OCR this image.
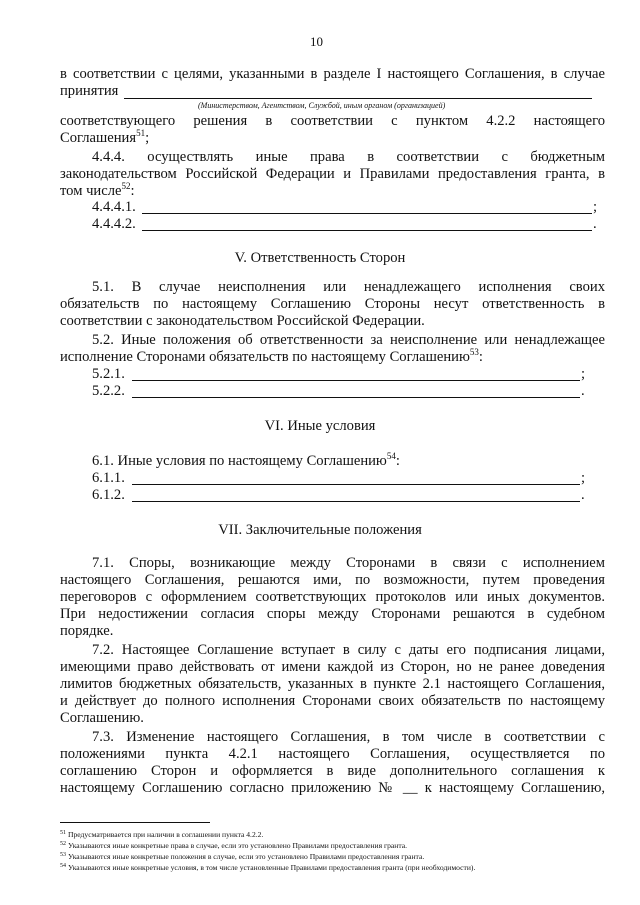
10
в соответствии с целями, указанными в разделе I настоящего Соглашения, в случае
принятия
(Министерством, Агентством, Службой, иным органом (организацией)
соответствующего решения в соответствии с пунктом 4.2.2 настоящего
Соглашения$^{51}$;
4.4.4. осуществлять иные права в соответствии с бюджетным
законодательством Российской Федерации и Правилами предоставления гранта, в
том числе$^{52}$:
4.4.4.1.	;
4.4.4.2.	.
V. Ответственность Сторон
5.1. В случае неисполнения или ненадлежащего исполнения своих
обязательств по настоящему Соглашению Стороны несут ответственность в
соответствии с законодательством Российской Федерации.
5.2. Иные положения об ответственности за неисполнение или ненадлежащее
исполнение Сторонами обязательств по настоящему Соглашению$^{53}$:
5.2.1.	;
5.2.2.	.
VI. Иные условия
6.1. Иные условия по настоящему Соглашению$^{54}$:
6.1.1.	;
6.1.2.	.
VII. Заключительные положения
7.1. Споры, возникающие между Сторонами в связи с исполнением
настоящего Соглашения, решаются ими, по возможности, путем проведения
переговоров с оформлением соответствующих протоколов или иных документов.
При недостижении согласия споры между Сторонами решаются в судебном
порядке.
7.2. Настоящее Соглашение вступает в силу с даты его подписания лицами,
имеющими право действовать от имени каждой из Сторон, но не ранее доведения
лимитов бюджетных обязательств, указанных в пункте 2.1 настоящего Соглашения,
и действует до полного исполнения Сторонами своих обязательств по настоящему
Соглашению.
7.3. Изменение настоящего Соглашения, в том числе в соответствии с
положениями пункта 4.2.1 настоящего Соглашения, осуществляется по
соглашению Сторон и оформляется в виде дополнительного соглашения к
настоящему Соглашению согласно приложению № __ к настоящему Соглашению,
$^{51}$ Предусматривается при наличии в соглашении пункта 4.2.2.
$^{52}$ Указываются иные конкретные права в случае, если это установлено Правилами предоставления гранта.
$^{53}$ Указываются иные конкретные положения в случае, если это установлено Правилами предоставления гранта.
$^{54}$ Указываются иные конкретные условия, в том числе установленные Правилами предоставления гранта (при необходимости).
